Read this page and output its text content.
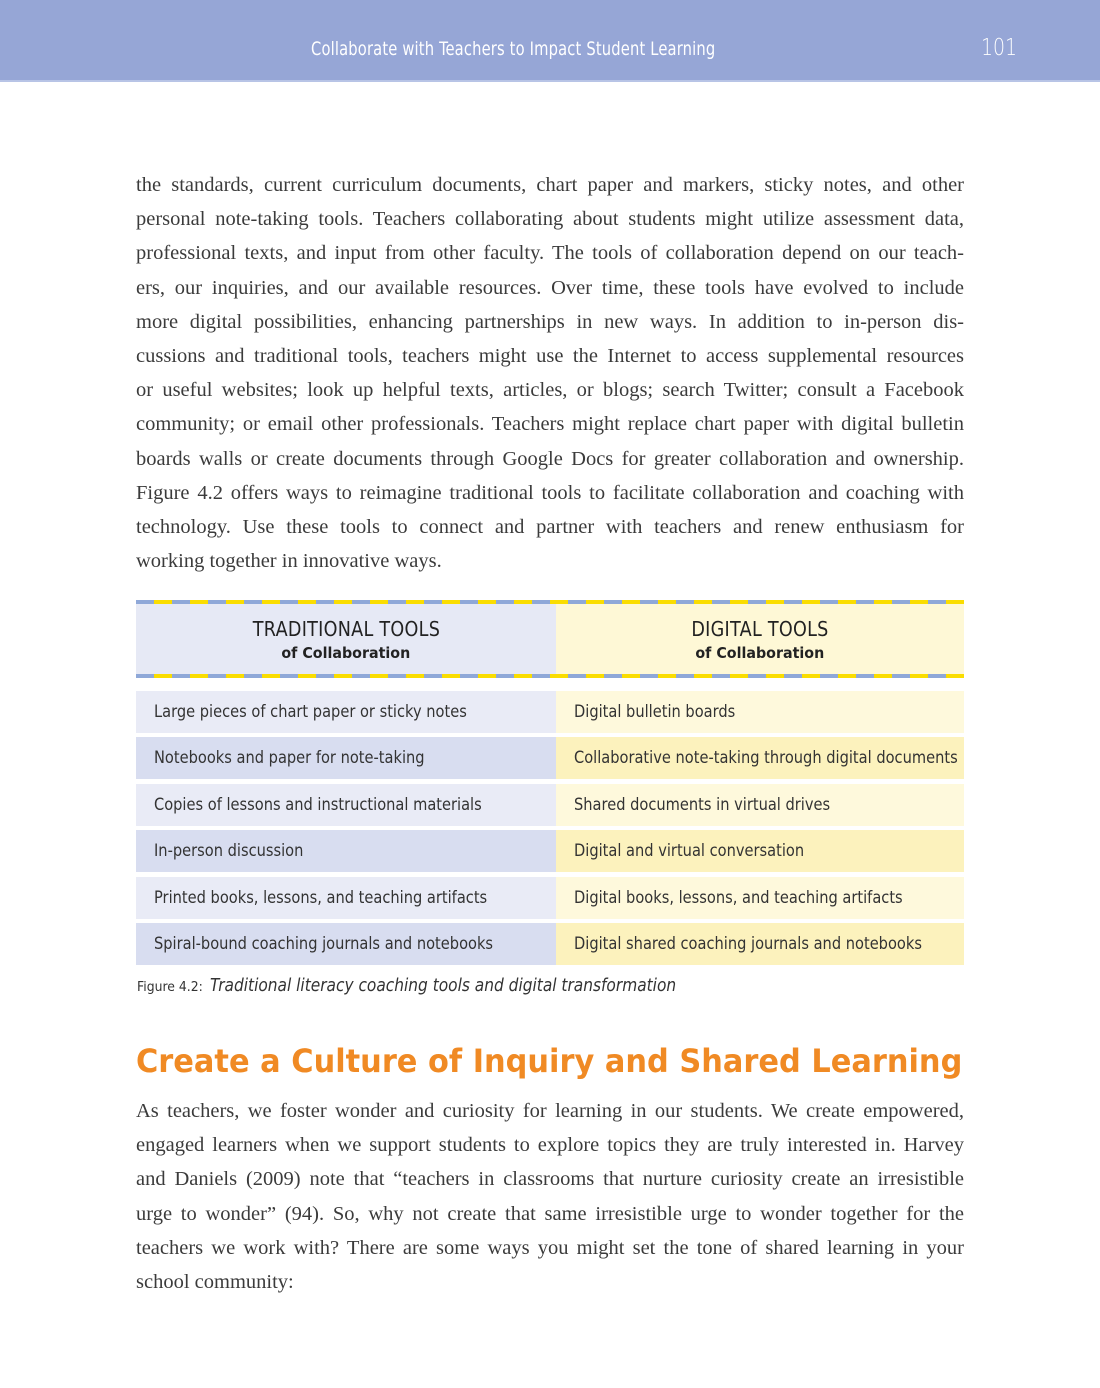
Collaborate with Teachers to Impact Student Learning	101
the standards, current curriculum documents, chart paper and markers, sticky notes, and other
personal note-taking tools. Teachers collaborating about students might utilize assessment data,
professional texts, and input from other faculty. The tools of collaboration depend on our teach-
ers, our inquiries, and our available resources. Over time, these tools have evolved to include
more digital possibilities, enhancing partnerships in new ways. In addition to in-person dis-
cussions and traditional tools, teachers might use the Internet to access supplemental resources
or useful websites; look up helpful texts, articles, or blogs; search Twitter; consult a Facebook
community; or email other professionals. Teachers might replace chart paper with digital bulletin
boards walls or create documents through Google Docs for greater collaboration and ownership.
Figure 4.2 offers ways to reimagine traditional tools to facilitate collaboration and coaching with
technology. Use these tools to connect and partner with teachers and renew enthusiasm for
working together in innovative ways.
TRADITIONAL TOOLS
of Collaboration
DIGITAL TOOLS
of Collaboration
Large pieces of chart paper or sticky notes	Digital bulletin boards
Notebooks and paper for note-taking	Collaborative note-taking through digital documents
Copies of lessons and instructional materials	Shared documents in virtual drives
In-person discussion	Digital and virtual conversation
Printed books, lessons, and teaching artifacts	Digital books, lessons, and teaching artifacts
Spiral-bound coaching journals and notebooks	Digital shared coaching journals and notebooks
Figure 4.2: Traditional literacy coaching tools and digital transformation
Create a Culture of Inquiry and Shared Learning
As teachers, we foster wonder and curiosity for learning in our students. We create empowered,
engaged learners when we support students to explore topics they are truly interested in. Harvey
and Daniels (2009) note that “teachers in classrooms that nurture curiosity create an irresistible
urge to wonder” (94). So, why not create that same irresistible urge to wonder together for the
teachers we work with? There are some ways you might set the tone of shared learning in your
school community:
